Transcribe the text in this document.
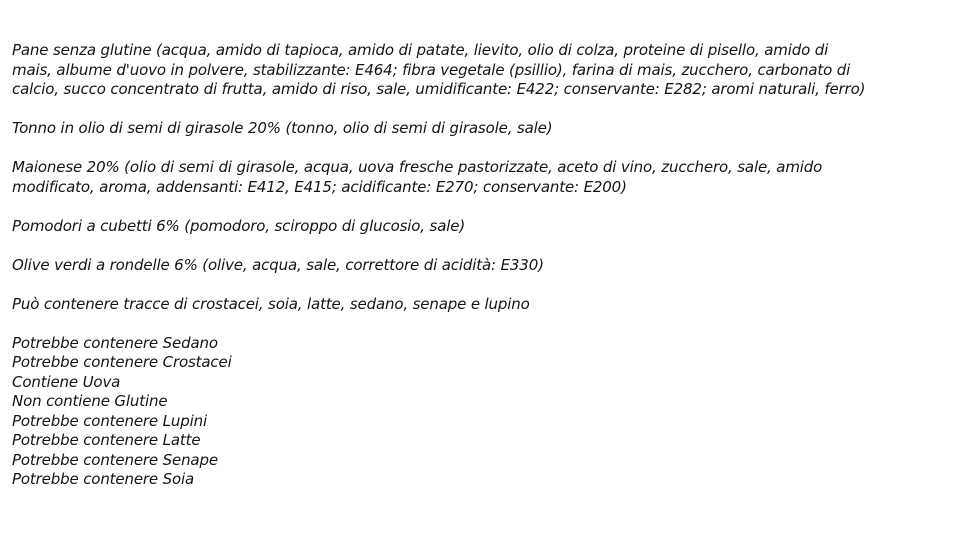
Pane senza glutine (acqua, amido di tapioca, amido di patate, lievito, olio di colza, proteine di pisello, amido di
mais, albume d'uovo in polvere, stabilizzante: E464; fibra vegetale (psillio), farina di mais, zucchero, carbonato di
calcio, succo concentrato di frutta, amido di riso, sale, umidificante: E422; conservante: E282; aromi naturali, ferro)

Tonno in olio di semi di girasole 20% (tonno, olio di semi di girasole, sale)

Maionese 20% (olio di semi di girasole, acqua, uova fresche pastorizzate, aceto di vino, zucchero, sale, amido
modificato, aroma, addensanti: E412, E415; acidificante: E270; conservante: E200)

Pomodori a cubetti 6% (pomodoro, sciroppo di glucosio, sale)

Olive verdi a rondelle 6% (olive, acqua, sale, correttore di acidità: E330)

Può contenere tracce di crostacei, soia, latte, sedano, senape e lupino

Potrebbe contenere Sedano
Potrebbe contenere Crostacei
Contiene Uova
Non contiene Glutine
Potrebbe contenere Lupini
Potrebbe contenere Latte
Potrebbe contenere Senape
Potrebbe contenere Soia
